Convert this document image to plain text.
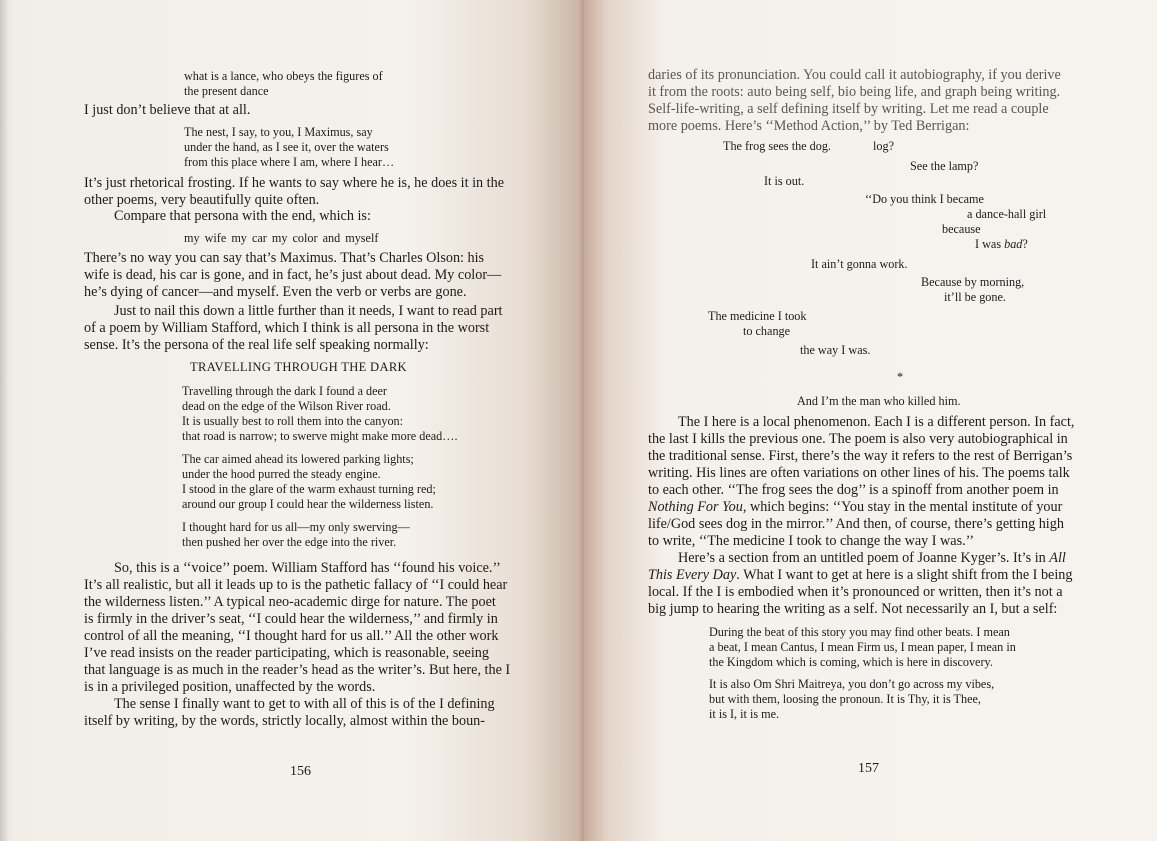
what is a lance, who obeys the figures of
the present dance
I just don’t believe that at all.
The nest, I say, to you, I Maximus, say
under the hand, as I see it, over the waters
from this place where I am, where I hear…
It’s just rhetorical frosting. If he wants to say where he is, he does it in the
other poems, very beautifully quite often.
Compare that persona with the end, which is:
my wife my car my color and myself
There’s no way you can say that’s Maximus. That’s Charles Olson: his
wife is dead, his car is gone, and in fact, he’s just about dead. My color—
he’s dying of cancer—and myself. Even the verb or verbs are gone.
Just to nail this down a little further than it needs, I want to read part
of a poem by William Stafford, which I think is all persona in the worst
sense. It’s the persona of the real life self speaking normally:
TRAVELLING THROUGH THE DARK
Travelling through the dark I found a deer
dead on the edge of the Wilson River road.
It is usually best to roll them into the canyon:
that road is narrow; to swerve might make more dead….
The car aimed ahead its lowered parking lights;
under the hood purred the steady engine.
I stood in the glare of the warm exhaust turning red;
around our group I could hear the wilderness listen.
I thought hard for us all—my only swerving—
then pushed her over the edge into the river.
So, this is a ‘‘voice’’ poem. William Stafford has ‘‘found his voice.’’
It’s all realistic, but all it leads up to is the pathetic fallacy of ‘‘I could hear
the wilderness listen.’’ A typical neo-academic dirge for nature. The poet
is firmly in the driver’s seat, ‘‘I could hear the wilderness,’’ and firmly in
control of all the meaning, ‘‘I thought hard for us all.’’ All the other work
I’ve read insists on the reader participating, which is reasonable, seeing
that language is as much in the reader’s head as the writer’s. But here, the I
is in a privileged position, unaffected by the words.
The sense I finally want to get to with all of this is of the I defining
itself by writing, by the words, strictly locally, almost within the boun-
156
daries of its pronunciation. You could call it autobiography, if you derive
it from the roots: auto being self, bio being life, and graph being writing.
Self-life-writing, a self defining itself by writing. Let me read a couple
more poems. Here’s ‘‘Method Action,’’ by Ted Berrigan:
The frog sees the dog.	log?
See the lamp?
It is out.
‘‘Do you think I became
a dance-hall girl
because
I was bad?
It ain’t gonna work.
Because by morning,
it’ll be gone.
The medicine I took
to change
the way I was.
*
And I’m the man who killed him.
The I here is a local phenomenon. Each I is a different person. In fact,
the last I kills the previous one. The poem is also very autobiographical in
the traditional sense. First, there’s the way it refers to the rest of Berrigan’s
writing. His lines are often variations on other lines of his. The poems talk
to each other. ‘‘The frog sees the dog’’ is a spinoff from another poem in
Nothing For You, which begins: ‘‘You stay in the mental institute of your
life/God sees dog in the mirror.’’ And then, of course, there’s getting high
to write, ‘‘The medicine I took to change the way I was.’’
Here’s a section from an untitled poem of Joanne Kyger’s. It’s in All
This Every Day. What I want to get at here is a slight shift from the I being
local. If the I is embodied when it’s pronounced or written, then it’s not a
big jump to hearing the writing as a self. Not necessarily an I, but a self:
During the beat of this story you may find other beats. I mean
a beat, I mean Cantus, I mean Firm us, I mean paper, I mean in
the Kingdom which is coming, which is here in discovery.
It is also Om Shri Maitreya, you don’t go across my vibes,
but with them, loosing the pronoun. It is Thy, it is Thee,
it is I, it is me.
157
